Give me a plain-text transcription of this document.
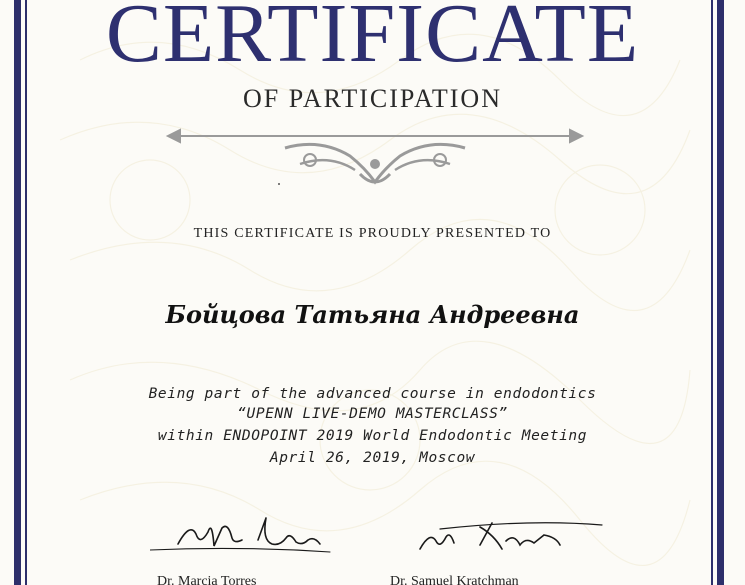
CERTIFICATE
OF PARTICIPATION
THIS CERTIFICATE IS PROUDLY PRESENTED TO
Бойцова Татьяна Андреевна
Being part of the advanced course in endodontics
“UPENN LIVE-DEMO MASTERCLASS”
within ENDOPOINT 2019 World Endodontic Meeting
April 26, 2019, Moscow
Dr. Marcia Torres	Dr. Samuel Kratchman
